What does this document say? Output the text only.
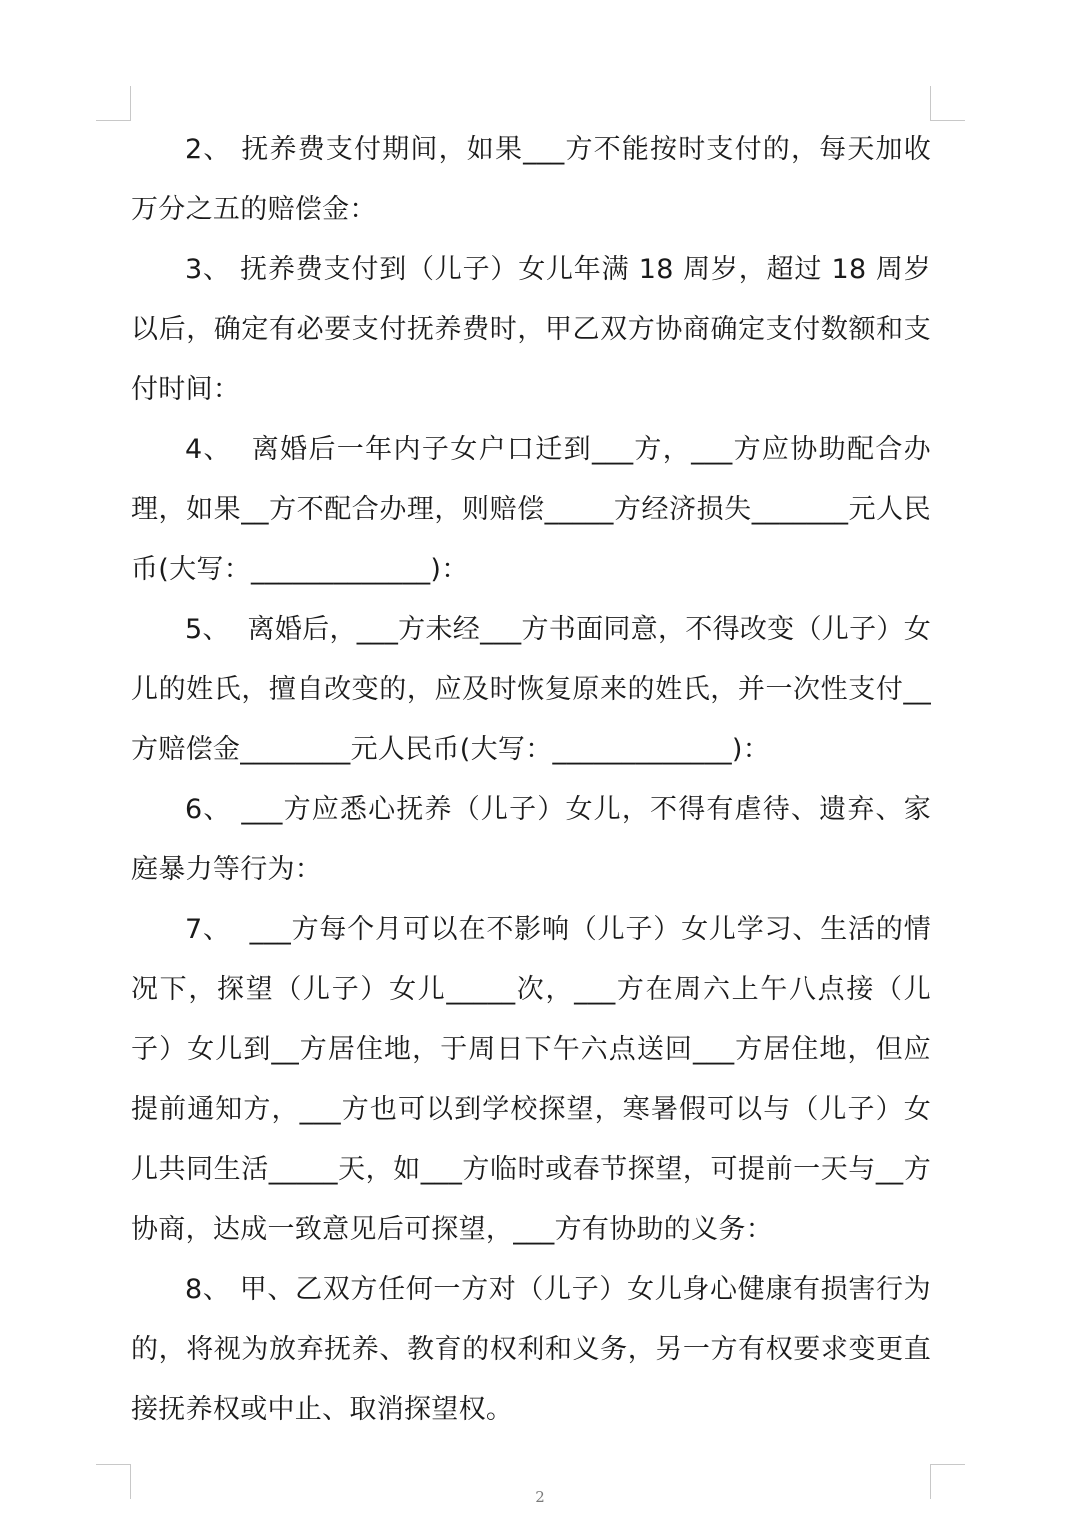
2、 抚养费支付期间，如果___方不能按时支付的，每天加收万分之五的赔偿金：

3、 抚养费支付到（儿子）女儿年满 18 周岁，超过 18 周岁以后，确定有必要支付抚养费时，甲乙双方协商确定支付数额和支付时间：

4、  离婚后一年内子女户口迁到___方，___方应协助配合办理，如果__方不配合办理，则赔偿_____方经济损失_______元人民币(大写：_____________)：

5、  离婚后，___方未经___方书面同意，不得改变（儿子）女儿的姓氏，擅自改变的，应及时恢复原来的姓氏，并一次性支付__方赔偿金________元人民币(大写：_____________)：

6、 ___方应悉心抚养（儿子）女儿，不得有虐待、遗弃、家庭暴力等行为：

7、  ___方每个月可以在不影响（儿子）女儿学习、生活的情况下，探望（儿子）女儿_____次，___方在周六上午八点接（儿子）女儿到__方居住地，于周日下午六点送回___方居住地，但应提前通知方，___方也可以到学校探望，寒暑假可以与（儿子）女儿共同生活_____天，如___方临时或春节探望，可提前一天与__方协商，达成一致意见后可探望，___方有协助的义务：

8、 甲、乙双方任何一方对（儿子）女儿身心健康有损害行为的，将视为放弃抚养、教育的权利和义务，另一方有权要求变更直接抚养权或中止、取消探望权。

2
